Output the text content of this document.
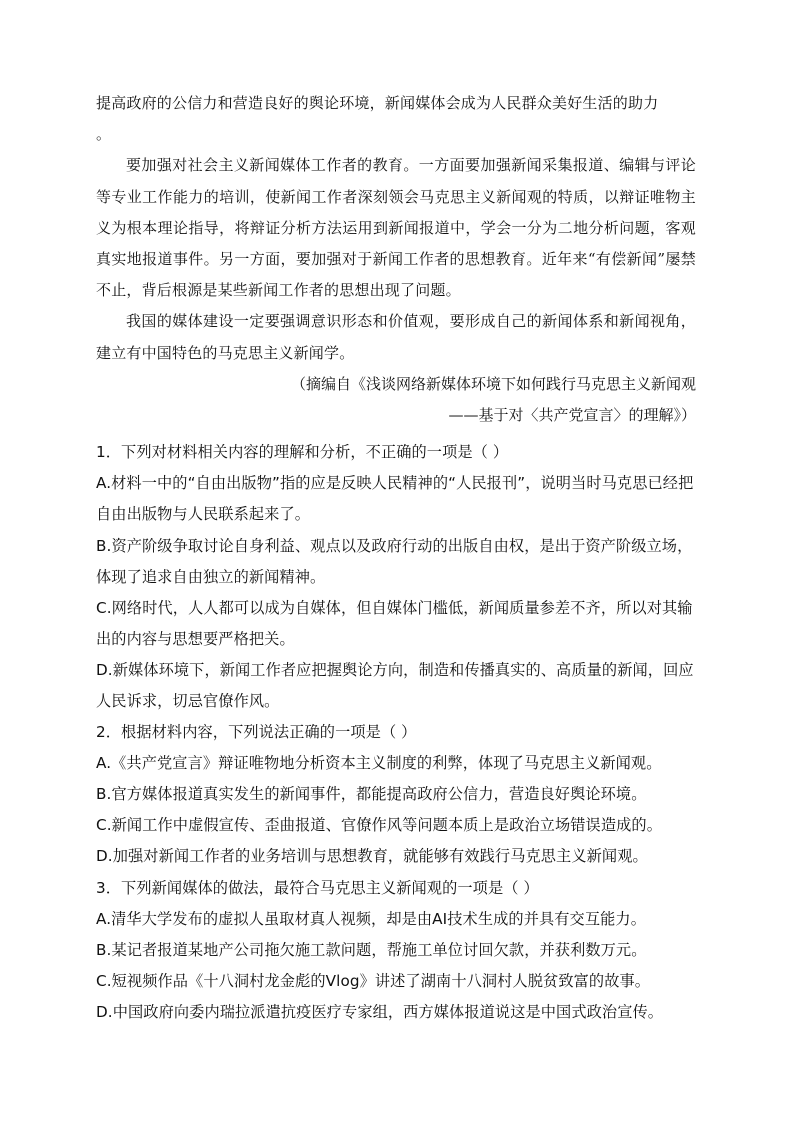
提高政府的公信力和营造良好的舆论环境，新闻媒体会成为人民群众美好生活的助力
。

要加强对社会主义新闻媒体工作者的教育。一方面要加强新闻采集报道、编辑与评论等专业工作能力的培训，使新闻工作者深刻领会马克思主义新闻观的特质，以辩证唯物主义为根本理论指导，将辩证分析方法运用到新闻报道中，学会一分为二地分析问题，客观真实地报道事件。另一方面，要加强对于新闻工作者的思想教育。近年来“有偿新闻”屡禁不止，背后根源是某些新闻工作者的思想出现了问题。

我国的媒体建设一定要强调意识形态和价值观，要形成自己的新闻体系和新闻视角，建立有中国特色的马克思主义新闻学。

（摘编自《浅谈网络新媒体环境下如何践行马克思主义新闻观
——基于对〈共产党宣言〉的理解》）

1．下列对材料相关内容的理解和分析，不正确的一项是（ ）

A.材料一中的“自由出版物”指的应是反映人民精神的“人民报刊”，说明当时马克思已经把自由出版物与人民联系起来了。

B.资产阶级争取讨论自身利益、观点以及政府行动的出版自由权，是出于资产阶级立场，体现了追求自由独立的新闻精神。

C.网络时代，人人都可以成为自媒体，但自媒体门槛低，新闻质量参差不齐，所以对其输出的内容与思想要严格把关。

D.新媒体环境下，新闻工作者应把握舆论方向，制造和传播真实的、高质量的新闻，回应人民诉求，切忌官僚作风。

2．根据材料内容，下列说法正确的一项是（ ）

A.《共产党宣言》辩证唯物地分析资本主义制度的利弊，体现了马克思主义新闻观。

B.官方媒体报道真实发生的新闻事件，都能提高政府公信力，营造良好舆论环境。

C.新闻工作中虚假宣传、歪曲报道、官僚作风等问题本质上是政治立场错误造成的。

D.加强对新闻工作者的业务培训与思想教育，就能够有效践行马克思主义新闻观。

3．下列新闻媒体的做法，最符合马克思主义新闻观的一项是（ ）

A.清华大学发布的虚拟人虽取材真人视频，却是由AI技术生成的并具有交互能力。

B.某记者报道某地产公司拖欠施工款问题，帮施工单位讨回欠款，并获利数万元。

C.短视频作品《十八洞村龙金彪的Vlog》讲述了湖南十八洞村人脱贫致富的故事。

D.中国政府向委内瑞拉派遣抗疫医疗专家组，西方媒体报道说这是中国式政治宣传。
